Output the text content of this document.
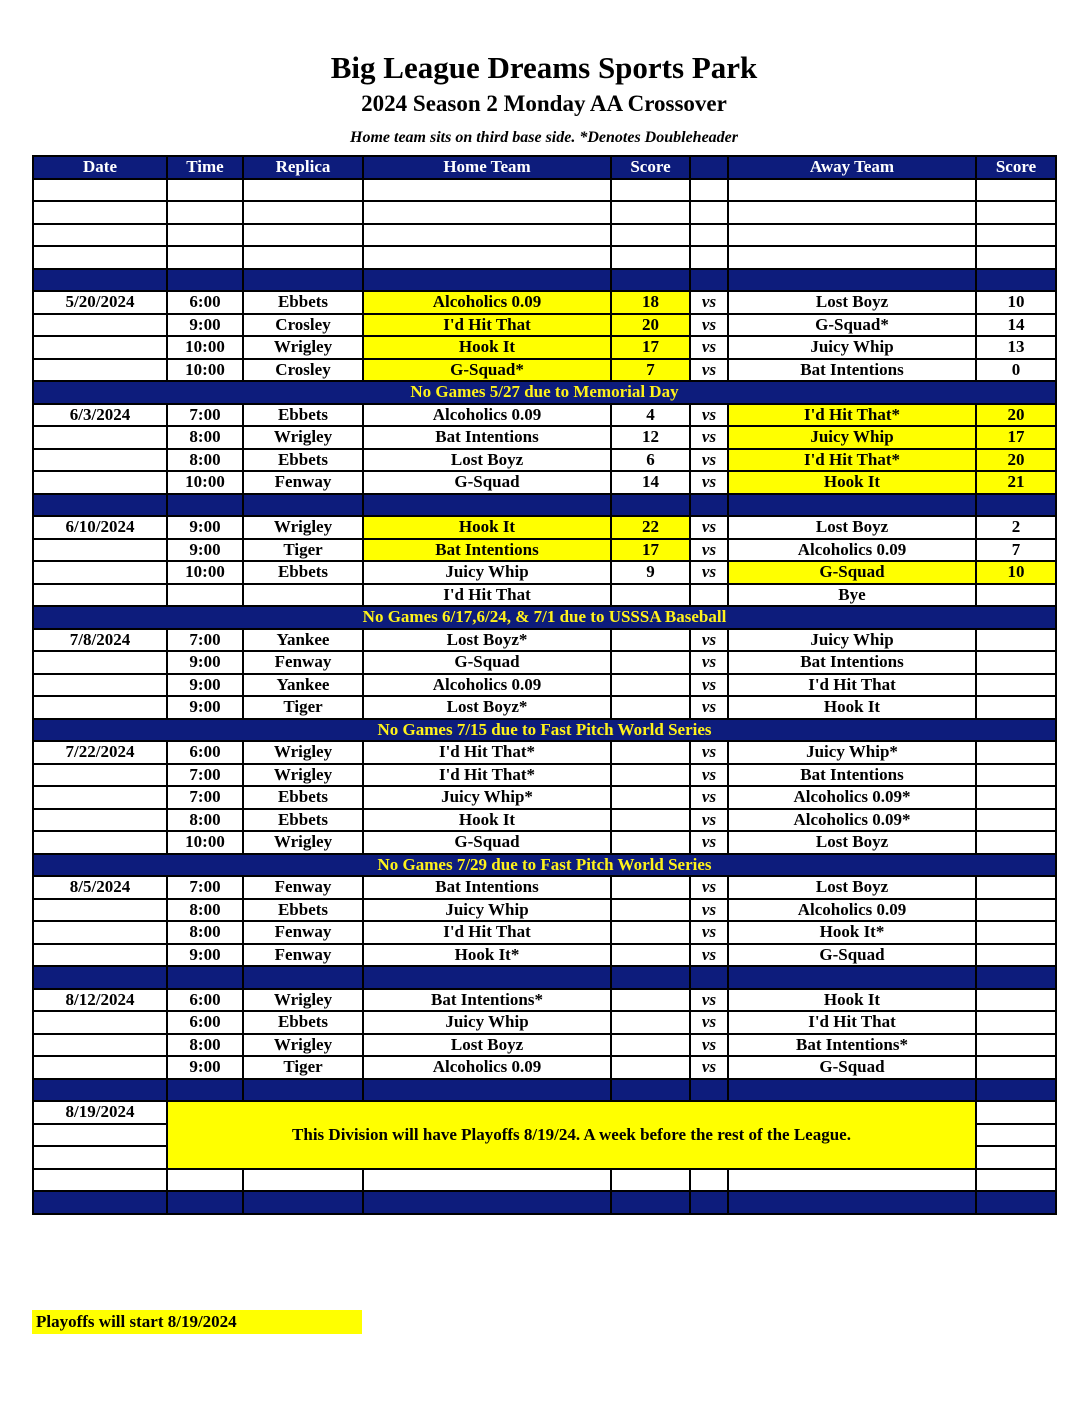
Big League Dreams Sports Park
2024 Season 2 Monday AA Crossover
Home team sits on third base side. *Denotes Doubleheader
Date	Time	Replica	Home Team	Score		Away Team	Score

5/20/2024	6:00	Ebbets	Alcoholics 0.09	18	vs	Lost Boyz	10
	9:00	Crosley	I'd Hit That	20	vs	G-Squad*	14
	10:00	Wrigley	Hook It	17	vs	Juicy Whip	13
	10:00	Crosley	G-Squad*	7	vs	Bat Intentions	0
No Games 5/27 due to Memorial Day							
6/3/2024	7:00	Ebbets	Alcoholics 0.09	4	vs	I'd Hit That*	20
	8:00	Wrigley	Bat Intentions	12	vs	Juicy Whip	17
	8:00	Ebbets	Lost Boyz	6	vs	I'd Hit That*	20
	10:00	Fenway	G-Squad	14	vs	Hook It	21

6/10/2024	9:00	Wrigley	Hook It	22	vs	Lost Boyz	2
	9:00	Tiger	Bat Intentions	17	vs	Alcoholics 0.09	7
	10:00	Ebbets	Juicy Whip	9	vs	G-Squad	10
			I'd Hit That			Bye	
No Games 6/17,6/24, & 7/1 due to USSSA Baseball							
7/8/2024	7:00	Yankee	Lost Boyz*		vs	Juicy Whip	
	9:00	Fenway	G-Squad		vs	Bat Intentions	
	9:00	Yankee	Alcoholics 0.09		vs	I'd Hit That	
	9:00	Tiger	Lost Boyz*		vs	Hook It	
No Games 7/15 due to Fast Pitch World Series							
7/22/2024	6:00	Wrigley	I'd Hit That*		vs	Juicy Whip*	
	7:00	Wrigley	I'd Hit That*		vs	Bat Intentions	
	7:00	Ebbets	Juicy Whip*		vs	Alcoholics 0.09*	
	8:00	Ebbets	Hook It		vs	Alcoholics 0.09*	
	10:00	Wrigley	G-Squad		vs	Lost Boyz	
No Games 7/29 due to Fast Pitch World Series							
8/5/2024	7:00	Fenway	Bat Intentions		vs	Lost Boyz	
	8:00	Ebbets	Juicy Whip		vs	Alcoholics 0.09	
	8:00	Fenway	I'd Hit That		vs	Hook It*	
	9:00	Fenway	Hook It*		vs	G-Squad	

8/12/2024	6:00	Wrigley	Bat Intentions*		vs	Hook It	
	6:00	Ebbets	Juicy Whip		vs	I'd Hit That	
	8:00	Wrigley	Lost Boyz		vs	Bat Intentions*	
	9:00	Tiger	Alcoholics 0.09		vs	G-Squad	

8/19/2024	This Division will have Playoffs 8/19/24. A week before the rest of the League.						

Playoffs will start 8/19/2024
